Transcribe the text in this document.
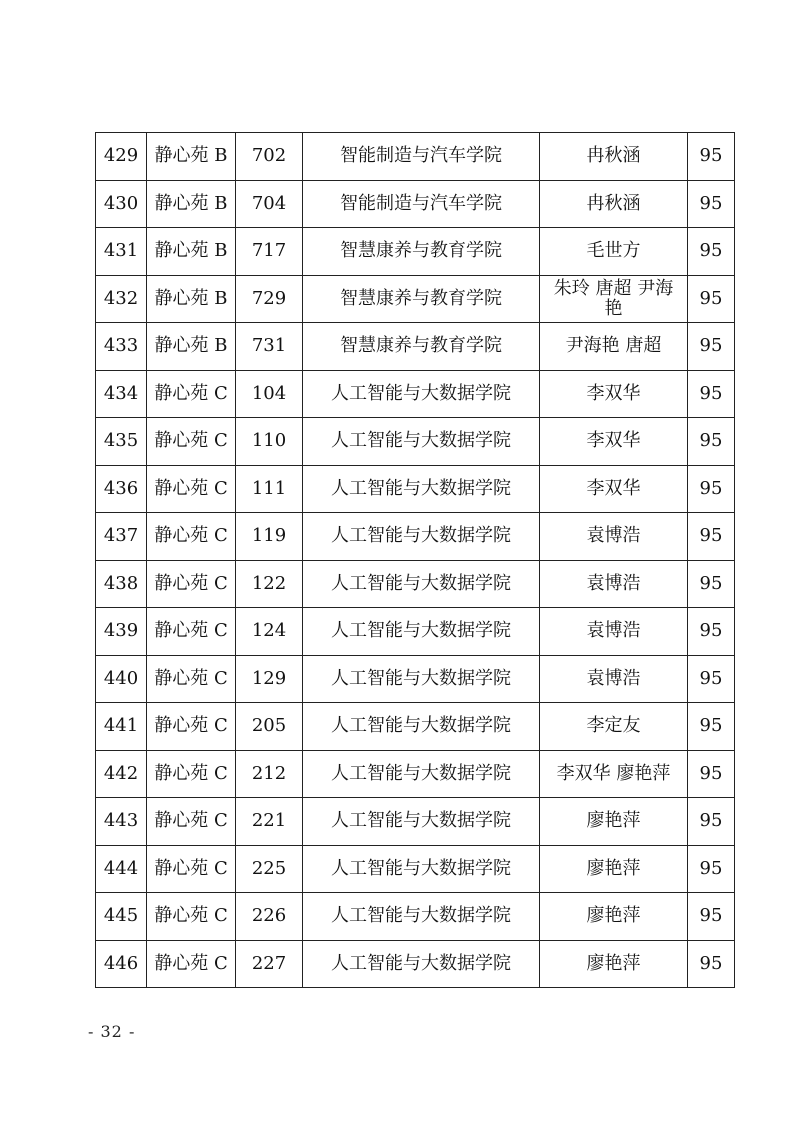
429	静心苑 B	702	智能制造与汽车学院	冉秋涵	95
430	静心苑 B	704	智能制造与汽车学院	冉秋涵	95
431	静心苑 B	717	智慧康养与教育学院	毛世方	95
432	静心苑 B	729	智慧康养与教育学院	朱玲 唐超 尹海艳	95
433	静心苑 B	731	智慧康养与教育学院	尹海艳 唐超	95
434	静心苑 C	104	人工智能与大数据学院	李双华	95
435	静心苑 C	110	人工智能与大数据学院	李双华	95
436	静心苑 C	111	人工智能与大数据学院	李双华	95
437	静心苑 C	119	人工智能与大数据学院	袁博浩	95
438	静心苑 C	122	人工智能与大数据学院	袁博浩	95
439	静心苑 C	124	人工智能与大数据学院	袁博浩	95
440	静心苑 C	129	人工智能与大数据学院	袁博浩	95
441	静心苑 C	205	人工智能与大数据学院	李定友	95
442	静心苑 C	212	人工智能与大数据学院	李双华 廖艳萍	95
443	静心苑 C	221	人工智能与大数据学院	廖艳萍	95
444	静心苑 C	225	人工智能与大数据学院	廖艳萍	95
445	静心苑 C	226	人工智能与大数据学院	廖艳萍	95
446	静心苑 C	227	人工智能与大数据学院	廖艳萍	95
- 32 -
